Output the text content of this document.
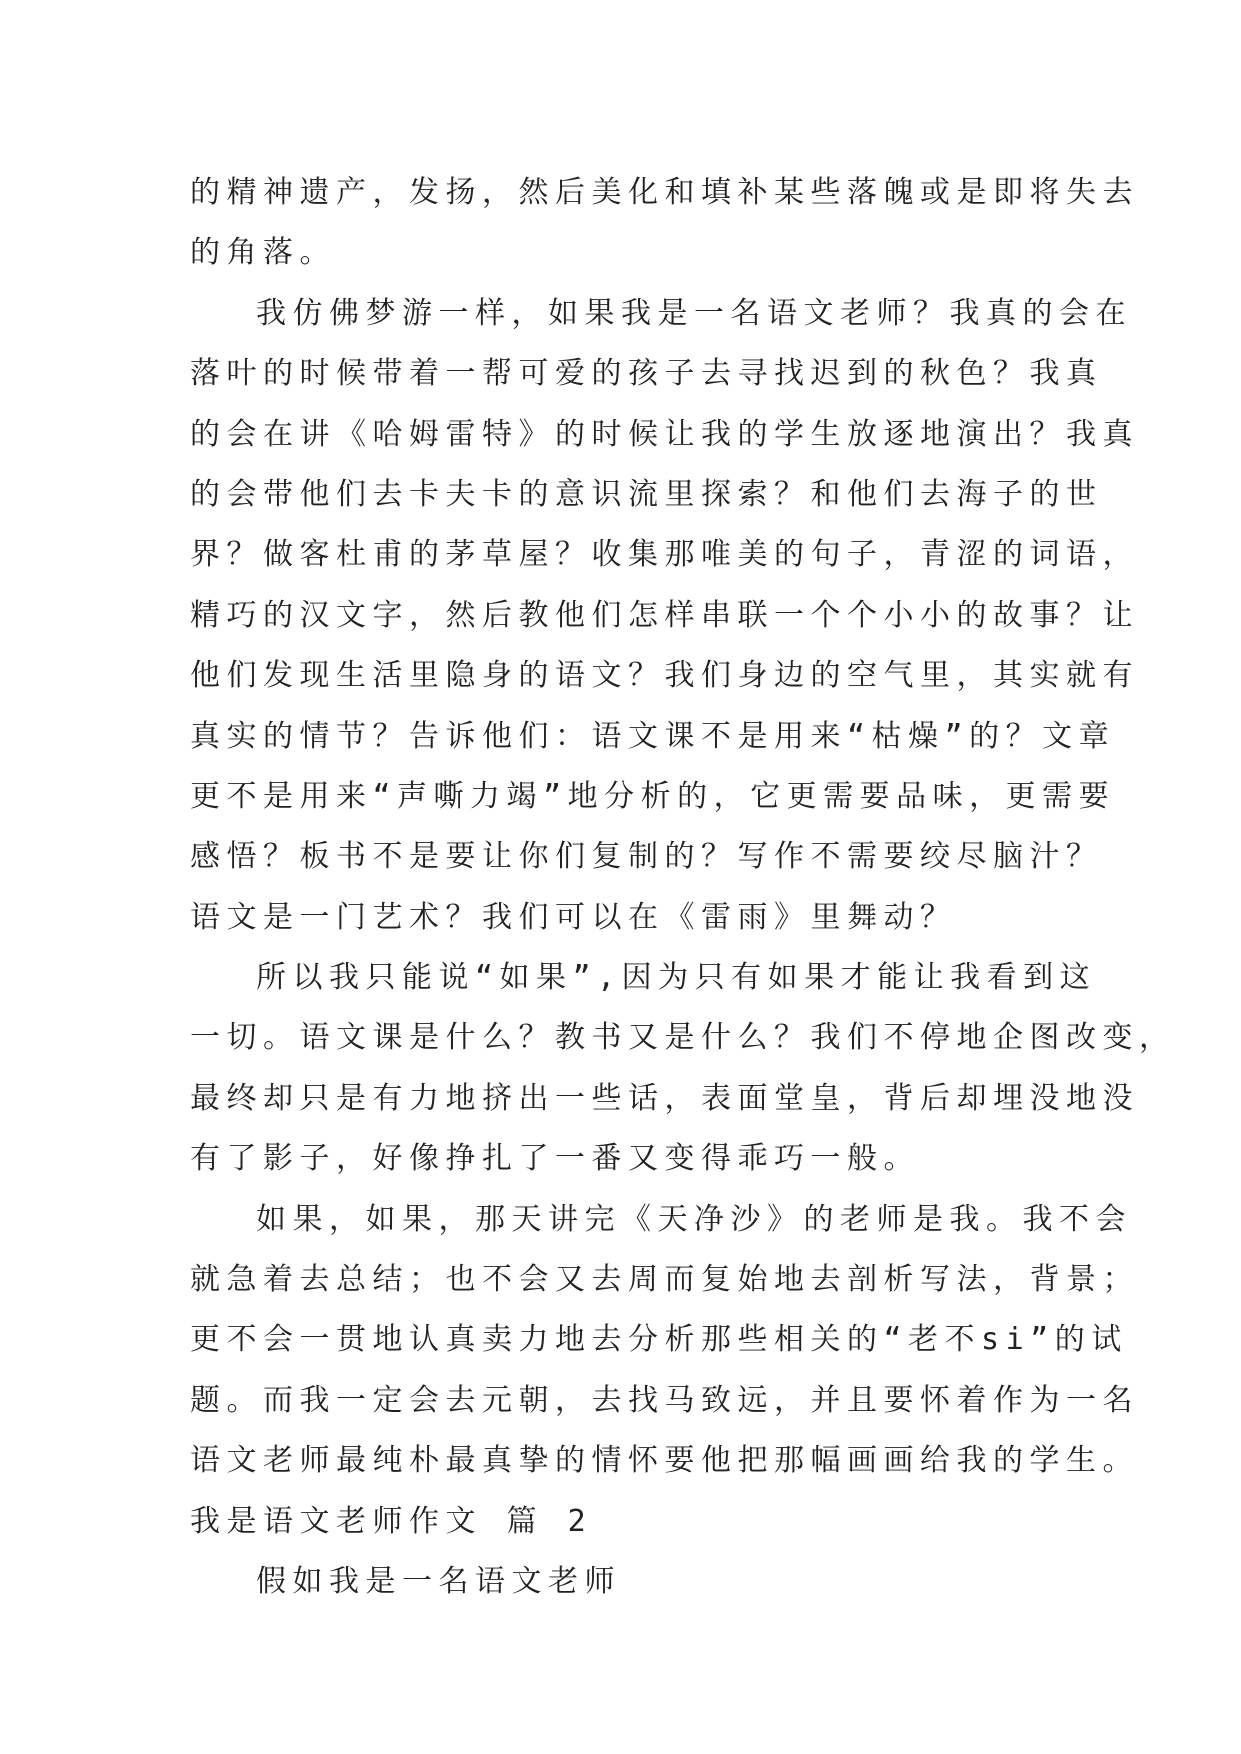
的精神遗产，发扬，然后美化和填补某些落魄或是即将失去
的角落。
我仿佛梦游一样，如果我是一名语文老师？我真的会在
落叶的时候带着一帮可爱的孩子去寻找迟到的秋色？我真
的会在讲《哈姆雷特》的时候让我的学生放逐地演出？我真
的会带他们去卡夫卡的意识流里探索？和他们去海子的世
界？做客杜甫的茅草屋？收集那唯美的句子，青涩的词语，
精巧的汉文字，然后教他们怎样串联一个个小小的故事？让
他们发现生活里隐身的语文？我们身边的空气里，其实就有
真实的情节？告诉他们：语文课不是用来“枯燥”的？文章
更不是用来“声嘶力竭”地分析的，它更需要品味，更需要
感悟？板书不是要让你们复制的？写作不需要绞尽脑汁？
语文是一门艺术？我们可以在《雷雨》里舞动？
所以我只能说“如果”,因为只有如果才能让我看到这
一切。语文课是什么？教书又是什么？我们不停地企图改变，
最终却只是有力地挤出一些话，表面堂皇，背后却埋没地没
有了影子，好像挣扎了一番又变得乖巧一般。
如果，如果，那天讲完《天净沙》的老师是我。我不会
就急着去总结；也不会又去周而复始地去剖析写法，背景；
更不会一贯地认真卖力地去分析那些相关的“老不si”的试
题。而我一定会去元朝，去找马致远，并且要怀着作为一名
语文老师最纯朴最真挚的情怀要他把那幅画画给我的学生。
我是语文老师作文 篇 2
假如我是一名语文老师
